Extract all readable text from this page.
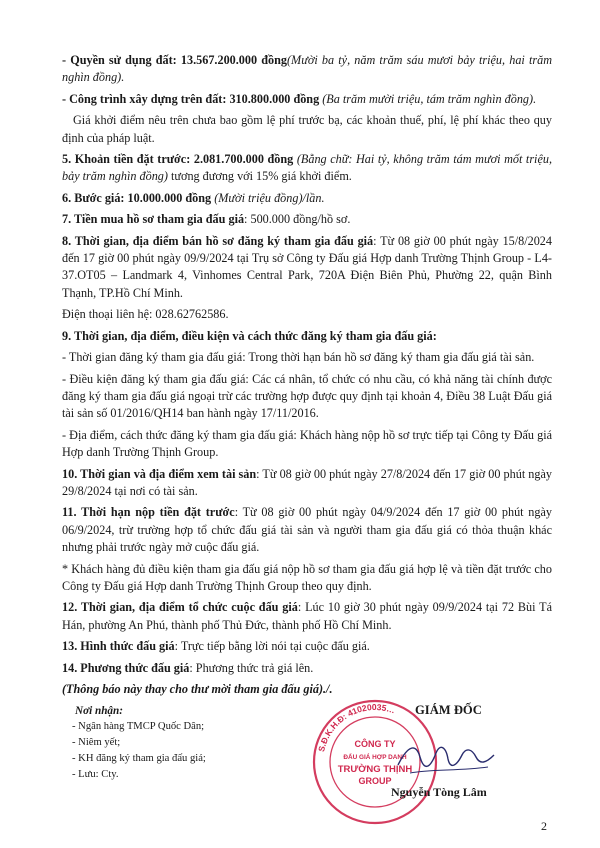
- Quyền sử dụng đất: 13.567.200.000 đồng(Mười ba tỷ, năm trăm sáu mươi bảy triệu, hai trăm nghìn đồng).
- Công trình xây dựng trên đất: 310.800.000 đồng (Ba trăm mười triệu, tám trăm nghìn đồng).
Giá khởi điểm nêu trên chưa bao gồm lệ phí trước bạ, các khoản thuế, phí, lệ phí khác theo quy định của pháp luật.
5. Khoản tiền đặt trước: 2.081.700.000 đồng (Bằng chữ: Hai tỷ, không trăm tám mươi mốt triệu, bảy trăm nghìn đồng) tương đương với 15% giá khởi điểm.
6. Bước giá: 10.000.000 đồng (Mười triệu đồng)/lần.
7. Tiền mua hồ sơ tham gia đấu giá: 500.000 đồng/hồ sơ.
8. Thời gian, địa điểm bán hồ sơ đăng ký tham gia đấu giá: Từ 08 giờ 00 phút ngày 15/8/2024 đến 17 giờ 00 phút ngày 09/9/2024 tại Trụ sở Công ty Đấu giá Hợp danh Trường Thịnh Group - L4-37.OT05 – Landmark 4, Vinhomes Central Park, 720A Điện Biên Phủ, Phường 22, quận Bình Thạnh, TP.Hồ Chí Minh.
Điện thoại liên hệ: 028.62762586.
9. Thời gian, địa điểm, điều kiện và cách thức đăng ký tham gia đấu giá:
- Thời gian đăng ký tham gia đấu giá: Trong thời hạn bán hồ sơ đăng ký tham gia đấu giá tài sản.
- Điều kiện đăng ký tham gia đấu giá: Các cá nhân, tổ chức có nhu cầu, có khả năng tài chính được đăng ký tham gia đấu giá ngoại trừ các trường hợp được quy định tại khoản 4, Điều 38 Luật Đấu giá tài sản số 01/2016/QH14 ban hành ngày 17/11/2016.
- Địa điểm, cách thức đăng ký tham gia đấu giá: Khách hàng nộp hồ sơ trực tiếp tại Công ty Đấu giá Hợp danh Trường Thịnh Group.
10. Thời gian và địa điểm xem tài sản: Từ 08 giờ 00 phút ngày 27/8/2024 đến 17 giờ 00 phút ngày 29/8/2024 tại nơi có tài sản.
11. Thời hạn nộp tiền đặt trước: Từ 08 giờ 00 phút ngày 04/9/2024 đến 17 giờ 00 phút ngày 06/9/2024, trừ trường hợp tổ chức đấu giá tài sản và người tham gia đấu giá có thỏa thuận khác nhưng phải trước ngày mở cuộc đấu giá.
* Khách hàng đủ điều kiện tham gia đấu giá nộp hồ sơ tham gia đấu giá hợp lệ và tiền đặt trước cho Công ty Đấu giá Hợp danh Trường Thịnh Group theo quy định.
12. Thời gian, địa điểm tổ chức cuộc đấu giá: Lúc 10 giờ 30 phút ngày 09/9/2024 tại 72 Bùi Tá Hán, phường An Phú, thành phố Thủ Đức, thành phố Hồ Chí Minh.
13. Hình thức đấu giá: Trực tiếp bằng lời nói tại cuộc đấu giá.
14. Phương thức đấu giá: Phương thức trả giá lên.
(Thông báo này thay cho thư mời tham gia đấu giá)./.
Nơi nhận:
- Ngân hàng TMCP Quốc Dân;
- Niêm yết;
- KH đăng ký tham gia đấu giá;
- Lưu: Cty.
GIÁM ĐỐC
S.Đ.K.H.Đ: 41020035…
CÔNG TY
ĐẤU GIÁ HỢP DANH
TRƯỜNG THỊNH
GROUP
Nguyễn Tòng Lâm
2
